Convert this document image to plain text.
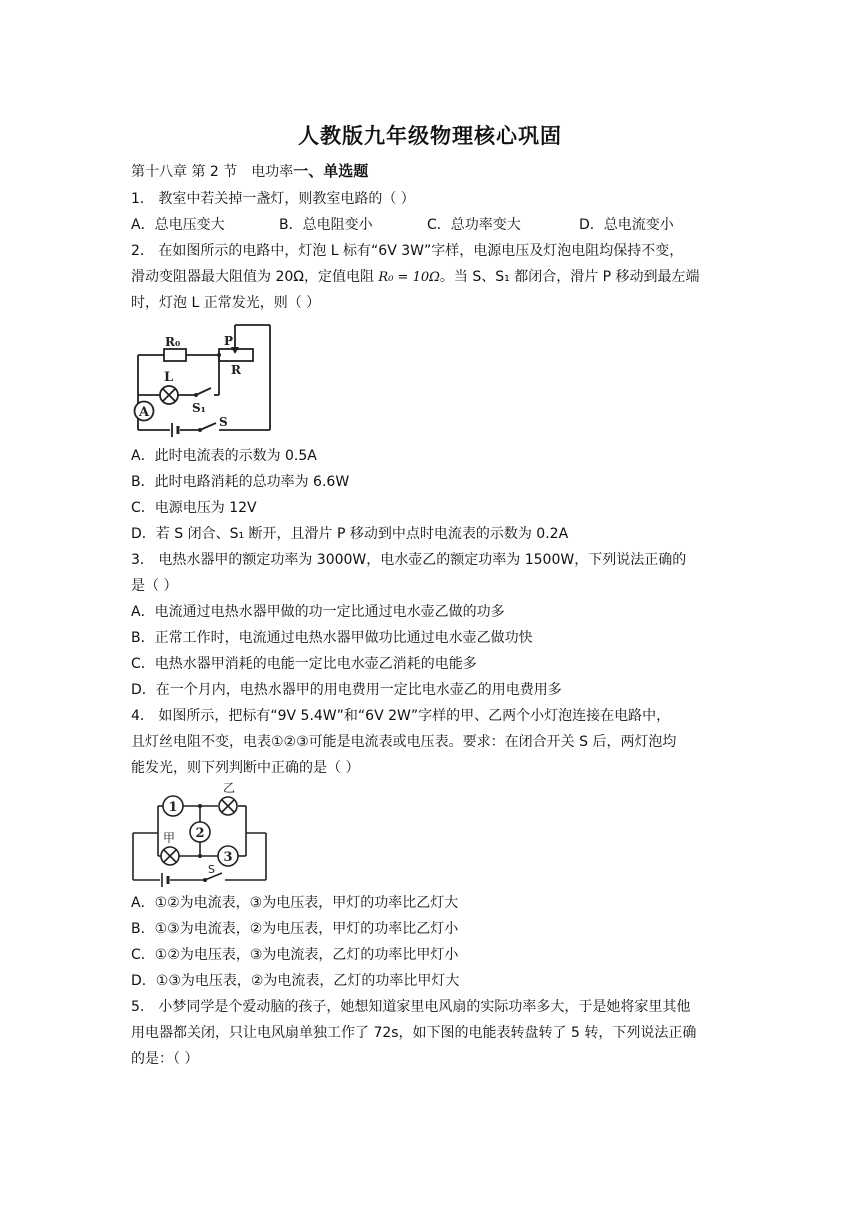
人教版九年级物理核心巩固
第十八章 第 2 节　电功率一、单选题
1． 教室中若关掉一盏灯，则教室电路的（ ）
A．总电压变大	B．总电阻变小	C．总功率变大	D．总电流变小
2． 在如图所示的电路中，灯泡 L 标有“6V 3W”字样，电源电压及灯泡电阻均保持不变，
滑动变阻器最大阻值为 20Ω，定值电阻 R₀ = 10Ω。当 S、S₁ 都闭合，滑片 P 移动到最左端
时，灯泡 L 正常发光，则（ ）
A
R₀	P
R
L
S₁
S
A．此时电流表的示数为 0.5A
B．此时电路消耗的总功率为 6.6W
C．电源电压为 12V
D．若 S 闭合、S₁ 断开，且滑片 P 移动到中点时电流表的示数为 0.2A
3． 电热水器甲的额定功率为 3000W，电水壶乙的额定功率为 1500W，下列说法正确的
是（ ）
A．电流通过电热水器甲做的功一定比通过电水壶乙做的功多
B．正常工作时，电流通过电热水器甲做功比通过电水壶乙做功快
C．电热水器甲消耗的电能一定比电水壶乙消耗的电能多
D．在一个月内，电热水器甲的用电费用一定比电水壶乙的用电费用多
4． 如图所示，把标有“9V 5.4W”和“6V 2W”字样的甲、乙两个小灯泡连接在电路中，
且灯丝电阻不变，电表①②③可能是电流表或电压表。要求：在闭合开关 S 后，两灯泡均
能发光，则下列判断中正确的是（ ）
1
乙
2
甲
3
S
A．①②为电流表，③为电压表，甲灯的功率比乙灯大
B．①③为电流表，②为电压表，甲灯的功率比乙灯小
C．①②为电压表，③为电流表，乙灯的功率比甲灯小
D．①③为电压表，②为电流表，乙灯的功率比甲灯大
5． 小梦同学是个爱动脑的孩子，她想知道家里电风扇的实际功率多大，于是她将家里其他
用电器都关闭，只让电风扇单独工作了 72s，如下图的电能表转盘转了 5 转，下列说法正确
的是：（ ）
